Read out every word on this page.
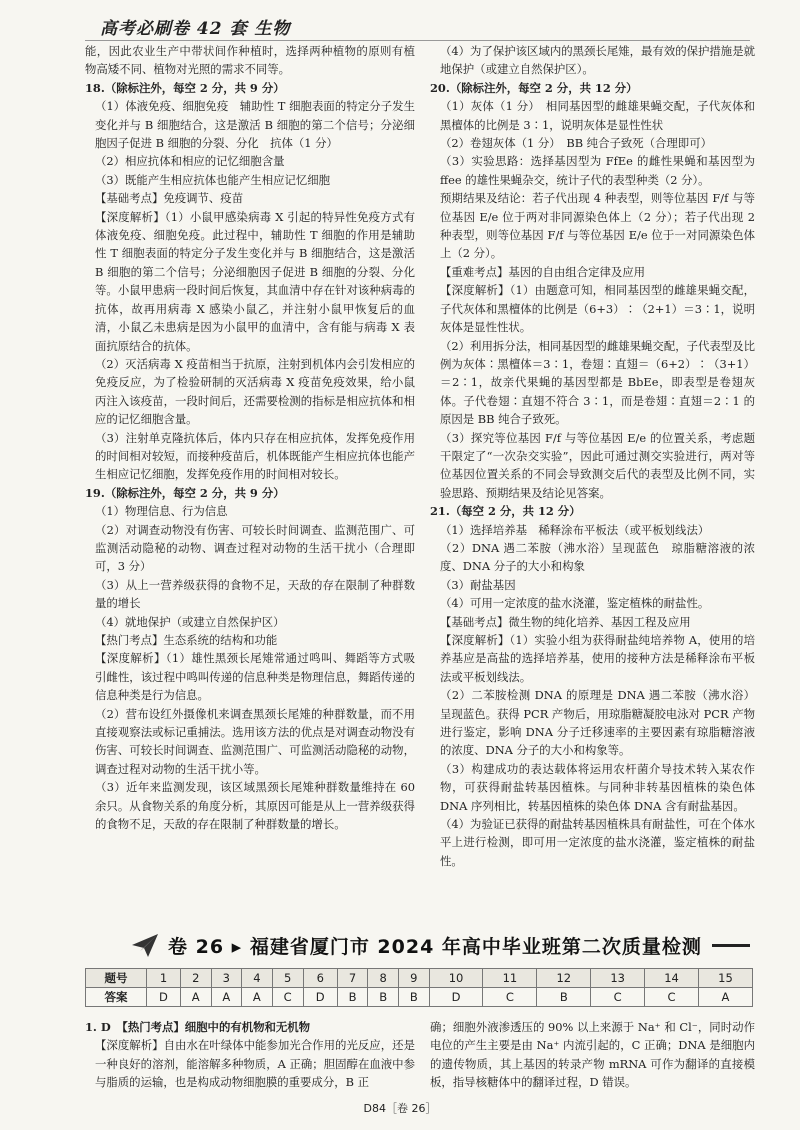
高考必刷卷 42 套 生物

能，因此农业生产中带状间作种植时，选择两种植物的原则有植物高矮不同、植物对光照的需求不同等。

18.（除标注外，每空 2 分，共 9 分）

（1）体液免疫、细胞免疫　辅助性 T 细胞表面的特定分子发生变化并与 B 细胞结合，这是激活 B 细胞的第二个信号；分泌细胞因子促进 B 细胞的分裂、分化　抗体（1 分）

（2）相应抗体和相应的记忆细胞含量

（3）既能产生相应抗体也能产生相应记忆细胞

【基础考点】免疫调节、疫苗

【深度解析】（1）小鼠甲感染病毒 X 引起的特异性免疫方式有体液免疫、细胞免疫。此过程中，辅助性 T 细胞的作用是辅助性 T 细胞表面的特定分子发生变化并与 B 细胞结合，这是激活 B 细胞的第二个信号；分泌细胞因子促进 B 细胞的分裂、分化等。小鼠甲患病一段时间后恢复，其血清中存在针对该种病毒的抗体，故再用病毒 X 感染小鼠乙，并注射小鼠甲恢复后的血清，小鼠乙未患病是因为小鼠甲的血清中，含有能与病毒 X 表面抗原结合的抗体。

（2）灭活病毒 X 疫苗相当于抗原，注射到机体内会引发相应的免疫反应，为了检验研制的灭活病毒 X 疫苗免疫效果，给小鼠丙注入该疫苗，一段时间后，还需要检测的指标是相应抗体和相应的记忆细胞含量。

（3）注射单克隆抗体后，体内只存在相应抗体，发挥免疫作用的时间相对较短，而接种疫苗后，机体既能产生相应抗体也能产生相应记忆细胞，发挥免疫作用的时间相对较长。

19.（除标注外，每空 2 分，共 9 分）

（1）物理信息、行为信息

（2）对调查动物没有伤害、可较长时间调查、监测范围广、可监测活动隐秘的动物、调查过程对动物的生活干扰小（合理即可，3 分）

（3）从上一营养级获得的食物不足，天敌的存在限制了种群数量的增长

（4）就地保护（或建立自然保护区）

【热门考点】生态系统的结构和功能

【深度解析】（1）雄性黑颈长尾雉常通过鸣叫、舞蹈等方式吸引雌性，该过程中鸣叫传递的信息种类是物理信息，舞蹈传递的信息种类是行为信息。

（2）营布设红外摄像机来调查黑颈长尾雉的种群数量，而不用直接观察法或标记重捕法。选用该方法的优点是对调查动物没有伤害、可较长时间调查、监测范围广、可监测活动隐秘的动物，调查过程对动物的生活干扰小等。

（3）近年来监测发现，该区域黑颈长尾雉种群数量维持在 60 余只。从食物关系的角度分析，其原因可能是从上一营养级获得的食物不足，天敌的存在限制了种群数量的增长。

（4）为了保护该区域内的黑颈长尾雉，最有效的保护措施是就地保护（或建立自然保护区）。

20.（除标注外，每空 2 分，共 12 分）

（1）灰体（1 分）　相同基因型的雌雄果蝇交配，子代灰体和黑檀体的比例是 3∶1，说明灰体是显性性状

（2）卷翅灰体（1 分）　BB 纯合子致死（合理即可）

（3）实验思路：选择基因型为 FfEe 的雌性果蝇和基因型为 ffee 的雄性果蝇杂交，统计子代的表型种类（2 分）。

预期结果及结论：若子代出现 4 种表型，则等位基因 F/f 与等位基因 E/e 位于两对非同源染色体上（2 分）；若子代出现 2 种表型，则等位基因 F/f 与等位基因 E/e 位于一对同源染色体上（2 分）。

【重难考点】基因的自由组合定律及应用

【深度解析】（1）由题意可知，相同基因型的雌雄果蝇交配，子代灰体和黑檀体的比例是（6+3）∶（2+1）＝3∶1，说明灰体是显性性状。

（2）利用拆分法，相同基因型的雌雄果蝇交配，子代表型及比例为灰体∶黑檀体＝3∶1，卷翅∶直翅＝（6+2）∶（3+1）＝2∶1，故亲代果蝇的基因型都是 BbEe，即表型是卷翅灰体。子代卷翅∶直翅不符合 3∶1，而是卷翅∶直翅＝2∶1 的原因是 BB 纯合子致死。

（3）探究等位基因 F/f 与等位基因 E/e 的位置关系，考虑题干限定了“一次杂交实验”，因此可通过测交实验进行，两对等位基因位置关系的不同会导致测交后代的表型及比例不同，实验思路、预期结果及结论见答案。

21.（每空 2 分，共 12 分）

（1）选择培养基　稀释涂布平板法（或平板划线法）

（2）DNA 遇二苯胺（沸水浴）呈现蓝色　琼脂糖溶液的浓度、DNA 分子的大小和构象

（3）耐盐基因

（4）可用一定浓度的盐水浇灌，鉴定植株的耐盐性。

【基础考点】微生物的纯化培养、基因工程及应用

【深度解析】（1）实验小组为获得耐盐纯培养物 A，使用的培养基应是高盐的选择培养基，使用的接种方法是稀释涂布平板法或平板划线法。

（2）二苯胺检测 DNA 的原理是 DNA 遇二苯胺（沸水浴）呈现蓝色。获得 PCR 产物后，用琼脂糖凝胶电泳对 PCR 产物进行鉴定，影响 DNA 分子迁移速率的主要因素有琼脂糖溶液的浓度、DNA 分子的大小和构象等。

（3）构建成功的表达载体将运用农杆菌介导技术转入某农作物，可获得耐盐转基因植株。与同种非转基因植株的染色体 DNA 序列相比，转基因植株的染色体 DNA 含有耐盐基因。

（4）为验证已获得的耐盐转基因植株具有耐盐性，可在个体水平上进行检测，即可用一定浓度的盐水浇灌，鉴定植株的耐盐性。

卷 26 ▸ 福建省厦门市 2024 年高中毕业班第二次质量检测
题号	1	2	3	4	5	6	7	8	9	10	11	12	13	14	15
答案	D	A	A	A	C	D	B	B	B	D	C	B	C	C	A

1. D　【热门考点】细胞中的有机物和无机物

【深度解析】自由水在叶绿体中能参加光合作用的光反应，还是一种良好的溶剂，能溶解多种物质，A 正确；胆固醇在血液中参与脂质的运输，也是构成动物细胞膜的重要成分，B 正

确；细胞外液渗透压的 90% 以上来源于 Na⁺ 和 Cl⁻，同时动作电位的产生主要是由 Na⁺ 内流引起的，C 正确；DNA 是细胞内的遗传物质，其上基因的转录产物 mRNA 可作为翻译的直接模板，指导核糖体中的翻译过程，D 错误。

D84［卷 26］
